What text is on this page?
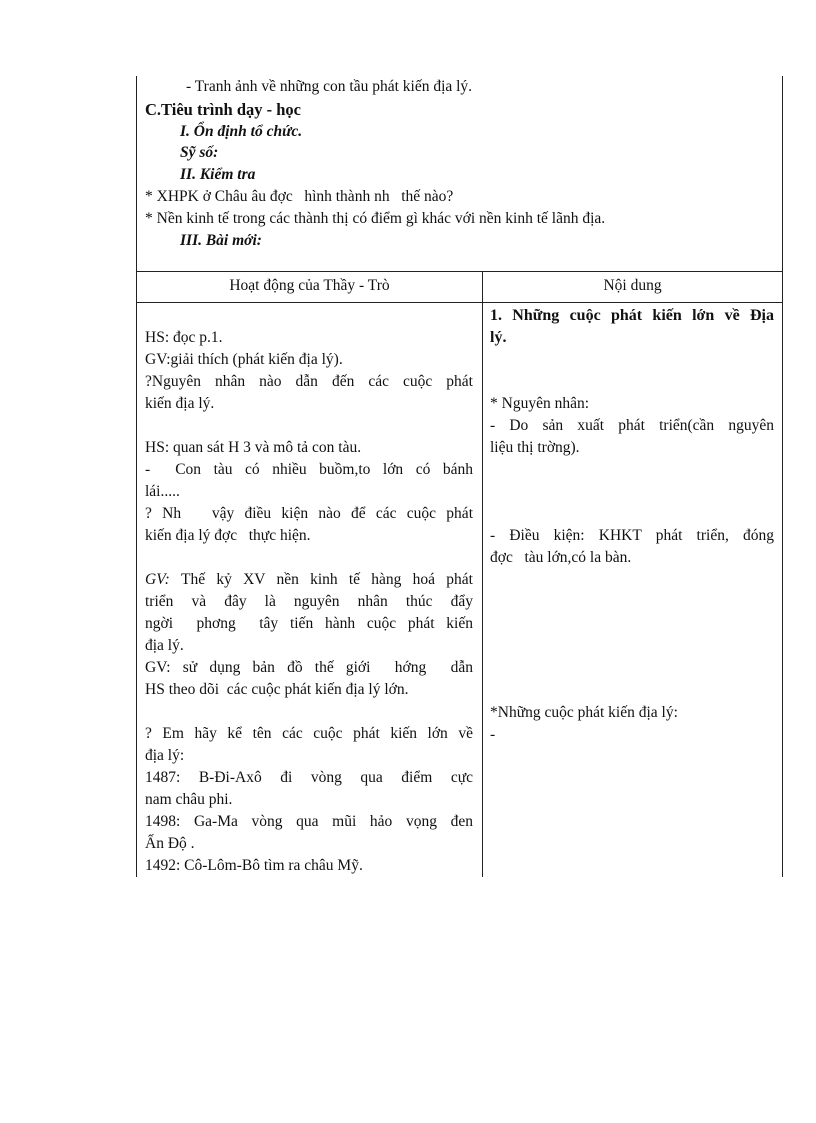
- Tranh ảnh về những con tầu phát kiến địa lý.
C.Tiêu trình dạy - học
I. Ổn định tổ chức.
Sỹ số:
II. Kiểm tra
* XHPK ở Châu âu đợc   hình thành nh   thế nào?
* Nền kinh tế trong các thành thị có điểm gì khác với nền kinh tế lãnh địa.
III. Bài mới:
Hoạt động của Thầy - Trò	Nội dung
HS: đọc p.1.
GV:giải thích (phát kiến địa lý).
?Nguyên nhân nào dẫn đến các cuộc phát
kiến địa lý.
HS: quan sát H 3 và mô tả con tàu.
-  Con tàu có nhiều buồm,to lớn có bánh
lái.....
? Nh   vậy điều kiện nào để các cuộc phát
kiến địa lý đợc   thực hiện.
GV: Thế kỷ XV nền kinh tế hàng hoá phát
triển và đây là nguyên nhân thúc đẩy
ngời  phơng  tây tiến hành cuộc phát kiến
địa lý.
GV: sử dụng bản đồ thế giới  hớng  dẫn
HS theo dõi  các cuộc phát kiến địa lý lớn.
? Em hãy kể tên các cuộc phát kiến lớn về
địa lý:
1487: B-Đi-Axô đi vòng qua điểm cực
nam châu phi.
1498: Ga-Ma vòng qua mũi hảo vọng đen
Ấn Độ .
1492: Cô-Lôm-Bô tìm ra châu Mỹ.
1. Những cuộc phát kiến lớn về Địa
lý.
* Nguyên nhân:
- Do sản xuất phát triển(cần nguyên
liệu thị trờng).
- Điều kiện: KHKT phát triển, đóng
đợc   tàu lớn,có la bàn.
*Những cuộc phát kiến địa lý:
-
